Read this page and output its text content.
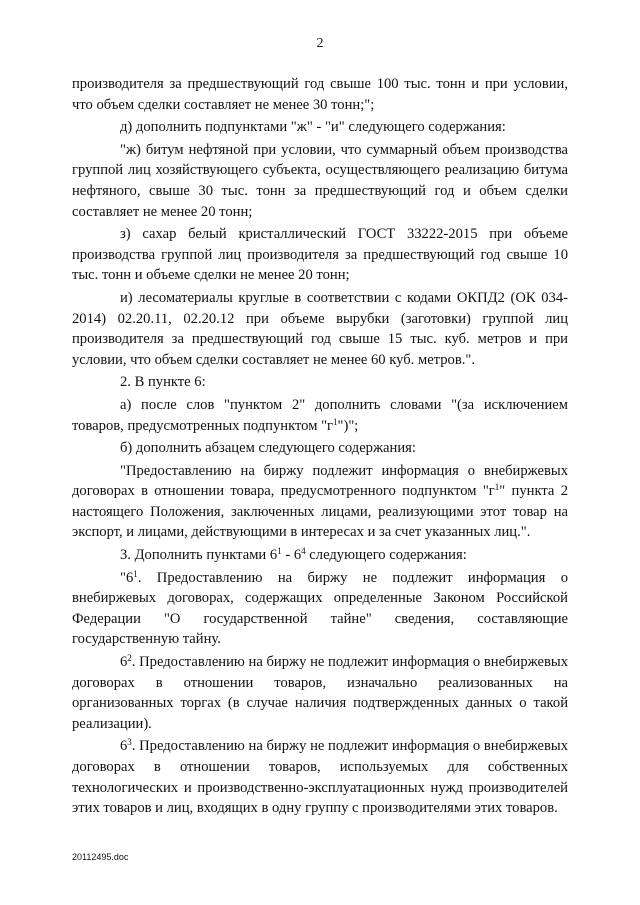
2

производителя за предшествующий год свыше 100 тыс. тонн и при условии, что объем сделки составляет не менее 30 тонн;";

д) дополнить подпунктами "ж" - "и" следующего содержания:

"ж) битум нефтяной при условии, что суммарный объем производства группой лиц хозяйствующего субъекта, осуществляющего реализацию битума нефтяного, свыше 30 тыс. тонн за предшествующий год и объем сделки составляет не менее 20 тонн;

з) сахар белый кристаллический ГОСТ 33222-2015 при объеме производства группой лиц производителя за предшествующий год свыше 10 тыс. тонн и объеме сделки не менее 20 тонн;

и) лесоматериалы круглые в соответствии с кодами ОКПД2 (ОК 034-2014) 02.20.11, 02.20.12 при объеме вырубки (заготовки) группой лиц производителя за предшествующий год свыше 15 тыс. куб. метров и при условии, что объем сделки составляет не менее 60 куб. метров.".

2. В пункте 6:

а) после слов "пунктом 2" дополнить словами "(за исключением товаров, предусмотренных подпунктом "$г^1$")";

б) дополнить абзацем следующего содержания:

"Предоставлению на биржу подлежит информация о внебиржевых договорах в отношении товара, предусмотренного подпунктом "$г^1$" пункта 2 настоящего Положения, заключенных лицами, реализующими этот товар на экспорт, и лицами, действующими в интересах и за счет указанных лиц.".

3. Дополнить пунктами $6^1 - 6^4$ следующего содержания:

"$6^1$. Предоставлению на биржу не подлежит информация о внебиржевых договорах, содержащих определенные Законом Российской Федерации "О государственной тайне" сведения, составляющие государственную тайну.

$6^2$. Предоставлению на биржу не подлежит информация о внебиржевых договорах в отношении товаров, изначально реализованных на организованных торгах (в случае наличия подтвержденных данных о такой реализации).

$6^3$. Предоставлению на биржу не подлежит информация о внебиржевых договорах в отношении товаров, используемых для собственных технологических и производственно-эксплуатационных нужд производителей этих товаров и лиц, входящих в одну группу с производителями этих товаров.

20112495.doc
